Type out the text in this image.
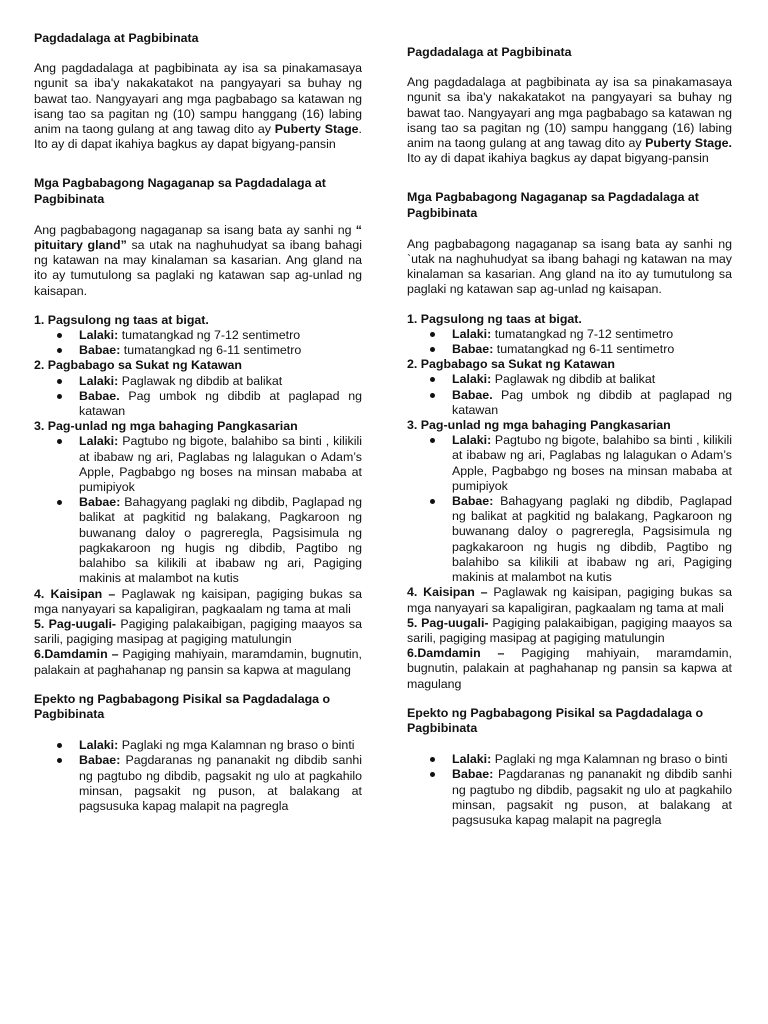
Pagdadalaga at Pagbibinata

Ang pagdadalaga at pagbibinata ay isa sa pinakamasaya ngunit sa iba'y nakakatakot na pangyayari sa buhay ng bawat tao. Nangyayari ang mga pagbabago sa katawan ng isang tao sa pagitan ng (10) sampu hanggang (16) labing anim na taong gulang at ang tawag dito ay Puberty Stage. Ito ay di dapat ikahiya bagkus ay dapat bigyang-pansin

Mga Pagbabagong Nagaganap sa Pagdadalaga at Pagbibinata

Ang pagbabagong nagaganap sa isang bata ay sanhi ng “ pituitary gland” sa utak na naghuhudyat sa ibang bahagi ng katawan na may kinalaman sa kasarian. Ang gland na ito ay tumutulong sa paglaki ng katawan sap ag-unlad ng kaisapan.

1. Pagsulong ng taas at bigat.

Lalaki: tumatangkad ng 7-12 sentimetro
Babae: tumatangkad ng 6-11 sentimetro

2. Pagbabago sa Sukat ng Katawan

Lalaki: Paglawak ng dibdib at balikat
Babae. Pag umbok ng dibdib at paglapad ng katawan

3. Pag-unlad ng mga bahaging Pangkasarian

Lalaki: Pagtubo ng bigote, balahibo sa binti , kilikili at ibabaw ng ari, Paglabas ng lalagukan o Adam’s Apple, Pagbabgo ng boses na minsan mababa at pumipiyok
Babae: Bahagyang paglaki ng dibdib, Paglapad ng balikat at pagkitid ng balakang, Pagkaroon ng buwanang daloy o pagreregla, Pagsisimula ng pagkakaroon ng hugis ng dibdib, Pagtibo ng balahibo sa kilikili at ibabaw ng ari, Pagiging makinis at malambot na kutis

4. Kaisipan – Paglawak ng kaisipan, pagiging bukas sa mga nanyayari sa kapaligiran, pagkaalam ng tama at mali

5. Pag-uugali- Pagiging palakaibigan, pagiging maayos sa sarili, pagiging masipag at pagiging matulungin

6.Damdamin – Pagiging mahiyain, maramdamin, bugnutin, palakain at paghahanap ng pansin sa kapwa at magulang

Epekto ng Pagbabagong Pisikal sa Pagdadalaga o Pagbibinata

Lalaki: Paglaki ng mga Kalamnan ng braso o binti
Babae: Pagdaranas ng pananakit ng dibdib sanhi ng pagtubo ng dibdib, pagsakit ng ulo at pagkahilo minsan, pagsakit ng puson, at balakang at pagsusuka kapag malapit na pagregla

Pagdadalaga at Pagbibinata

Ang pagdadalaga at pagbibinata ay isa sa pinakamasaya ngunit sa iba'y nakakatakot na pangyayari sa buhay ng bawat tao. Nangyayari ang mga pagbabago sa katawan ng isang tao sa pagitan ng (10) sampu hanggang (16) labing anim na taong gulang at ang tawag dito ay Puberty Stage. Ito ay di dapat ikahiya bagkus ay dapat bigyang-pansin

Mga Pagbabagong Nagaganap sa Pagdadalaga at Pagbibinata

Ang pagbabagong nagaganap sa isang bata ay sanhi ng `utak na naghuhudyat sa ibang bahagi ng katawan na may kinalaman sa kasarian. Ang gland na ito ay tumutulong sa paglaki ng katawan sap ag-unlad ng kaisapan.

1. Pagsulong ng taas at bigat.

Lalaki: tumatangkad ng 7-12 sentimetro
Babae: tumatangkad ng 6-11 sentimetro

2. Pagbabago sa Sukat ng Katawan

Lalaki: Paglawak ng dibdib at balikat
Babae. Pag umbok ng dibdib at paglapad ng katawan

3. Pag-unlad ng mga bahaging Pangkasarian

Lalaki: Pagtubo ng bigote, balahibo sa binti , kilikili at ibabaw ng ari, Paglabas ng lalagukan o Adam’s Apple, Pagbabgo ng boses na minsan mababa at pumipiyok
Babae: Bahagyang paglaki ng dibdib, Paglapad ng balikat at pagkitid ng balakang, Pagkaroon ng buwanang daloy o pagreregla, Pagsisimula ng pagkakaroon ng hugis ng dibdib, Pagtibo ng balahibo sa kilikili at ibabaw ng ari, Pagiging makinis at malambot na kutis

4. Kaisipan – Paglawak ng kaisipan, pagiging bukas sa mga nanyayari sa kapaligiran, pagkaalam ng tama at mali

5. Pag-uugali- Pagiging palakaibigan, pagiging maayos sa sarili, pagiging masipag at pagiging matulungin

6.Damdamin – Pagiging mahiyain, maramdamin, bugnutin, palakain at paghahanap ng pansin sa kapwa at magulang

Epekto ng Pagbabagong Pisikal sa Pagdadalaga o Pagbibinata

Lalaki: Paglaki ng mga Kalamnan ng braso o binti
Babae: Pagdaranas ng pananakit ng dibdib sanhi ng pagtubo ng dibdib, pagsakit ng ulo at pagkahilo minsan, pagsakit ng puson, at balakang at pagsusuka kapag malapit na pagregla
